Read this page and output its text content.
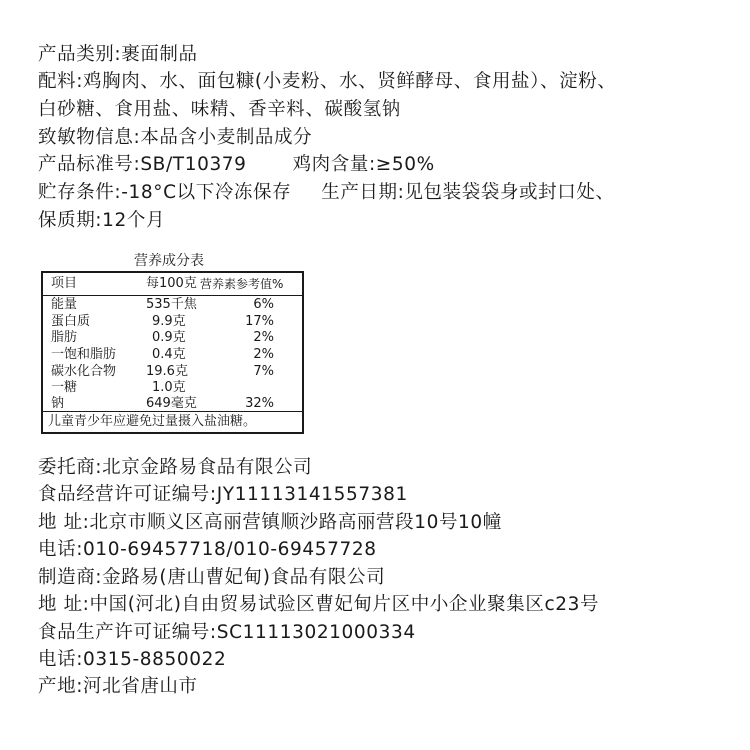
产品类别:裹面制品
配料:鸡胸肉、水、面包糠(小麦粉、水、贤鲜酵母、食用盐）、淀粉、
白砂糖、食用盐、味精、香辛料、碳酸氢钠
致敏物信息:本品含小麦制品成分
产品标准号:SB/T10379 鸡肉含量:≥50%
贮存条件:-18°C以下冷冻保存 生产日期:见包装袋袋身或封口处、
保质期:12个月
营养成分表
项目	每100克 营养素参考值%
能量	535千焦	6%
蛋白质	9.9克	17%
脂肪	0.9克	2%
一饱和脂肪	0.4克	2%
碳水化合物 19.6克	7%
一糖	1.0克
钠	649毫克	32%
儿童青少年应避免过量摄入盐油糖。
委托商:北京金路易食品有限公司
食品经营许可证编号:JY11113141557381
地 址:北京市顺义区高丽营镇顺沙路高丽营段10号10幢
电话:010-69457718/010-69457728
制造商:金路易(唐山曹妃甸)食品有限公司
地 址:中国(河北)自由贸易试验区曹妃甸片区中小企业聚集区c23号
食品生产许可证编号:SC11113021000334
电话:0315-8850022
产地:河北省唐山市
